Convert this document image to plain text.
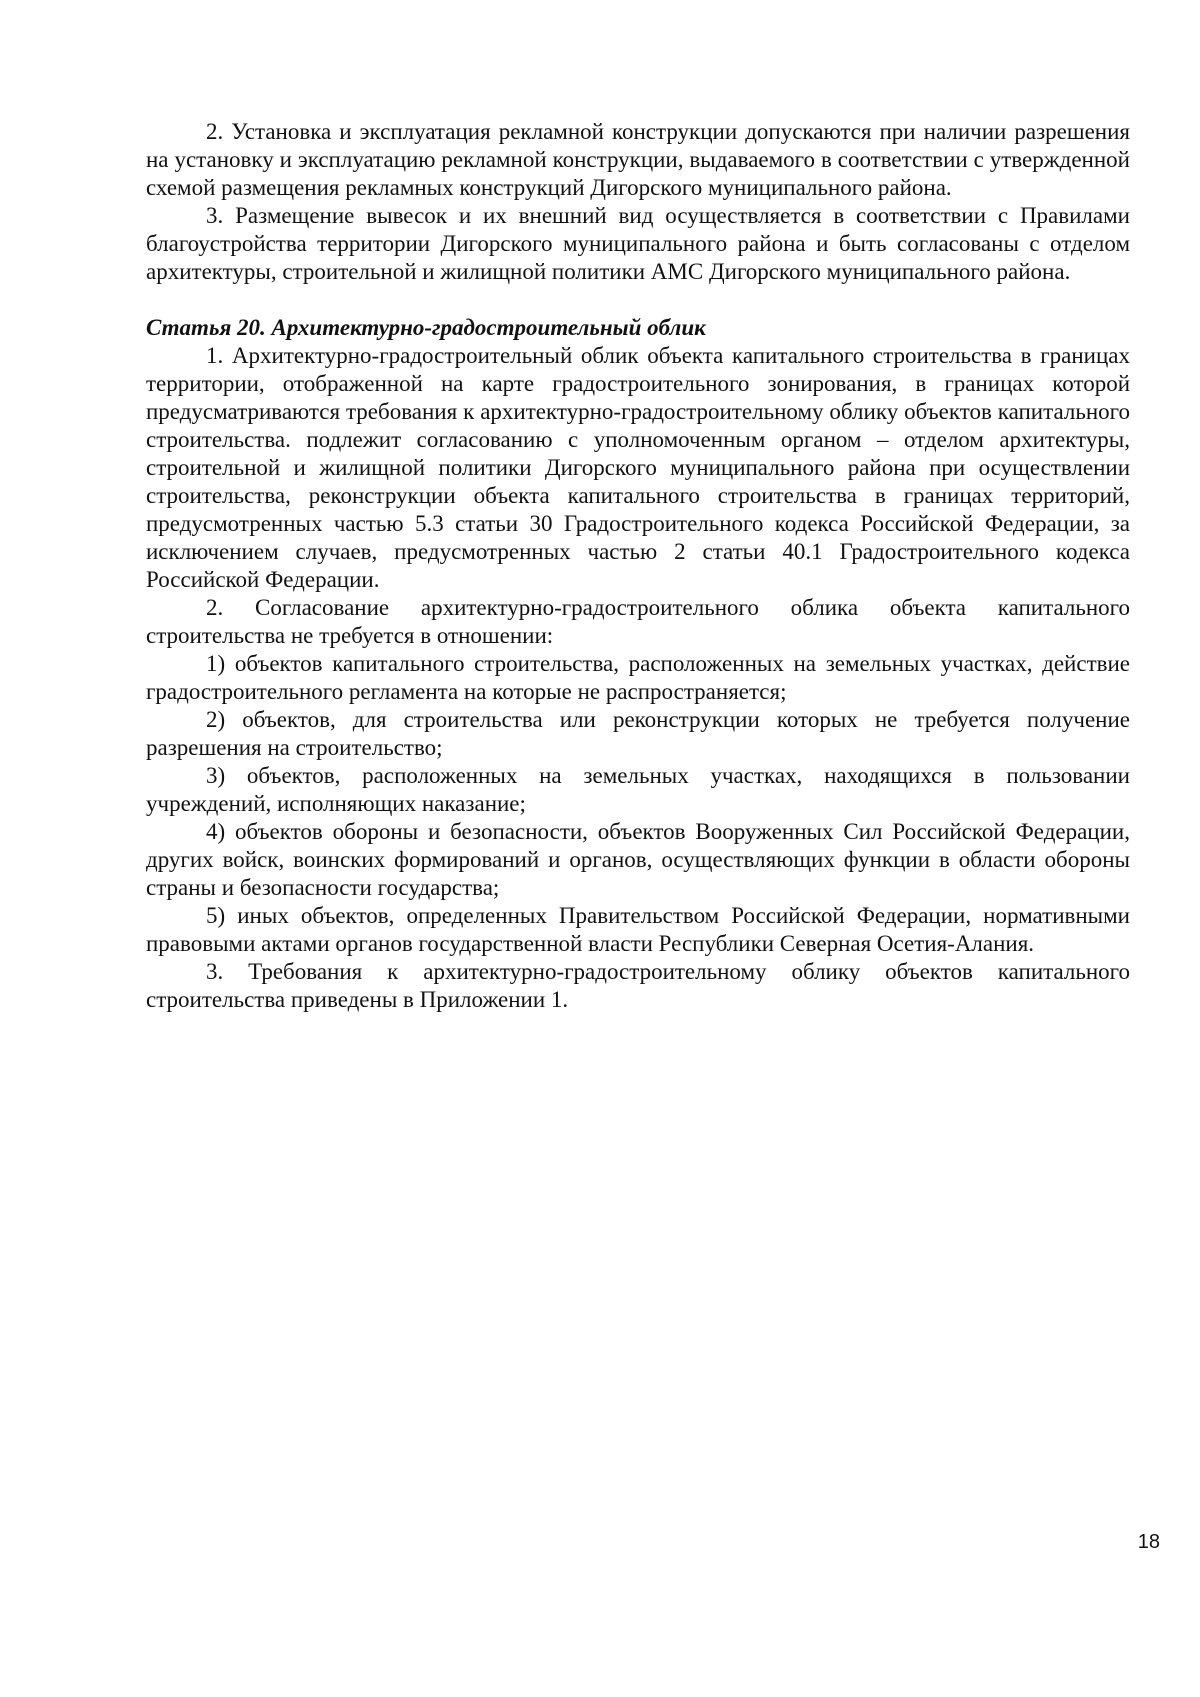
2. Установка и эксплуатация рекламной конструкции допускаются при наличии разрешения на установку и эксплуатацию рекламной конструкции, выдаваемого в соответствии с утвержденной схемой размещения рекламных конструкций Дигорского муниципального района.

3. Размещение вывесок и их внешний вид осуществляется в соответствии с Правилами благоустройства территории Дигорского муниципального района и быть согласованы с отделом архитектуры, строительной и жилищной политики АМС Дигорского муниципального района.

Статья 20. Архитектурно-градостроительный облик

1. Архитектурно-градостроительный облик объекта капитального строительства в границах территории, отображенной на карте градостроительного зонирования, в границах которой предусматриваются требования к архитектурно-градостроительному облику объектов капитального строительства. подлежит согласованию с уполномоченным органом – отделом архитектуры, строительной и жилищной политики Дигорского муниципального района при осуществлении строительства, реконструкции объекта капитального строительства в границах территорий, предусмотренных частью 5.3 статьи 30 Градостроительного кодекса Российской Федерации, за исключением случаев, предусмотренных частью 2 статьи 40.1 Градостроительного кодекса Российской Федерации.

2. Согласование архитектурно-градостроительного облика объекта капитального строительства не требуется в отношении:

1) объектов капитального строительства, расположенных на земельных участках, действие градостроительного регламента на которые не распространяется;

2) объектов, для строительства или реконструкции которых не требуется получение разрешения на строительство;

3) объектов, расположенных на земельных участках, находящихся в пользовании учреждений, исполняющих наказание;

4) объектов обороны и безопасности, объектов Вооруженных Сил Российской Федерации, других войск, воинских формирований и органов, осуществляющих функции в области обороны страны и безопасности государства;

5) иных объектов, определенных Правительством Российской Федерации, нормативными правовыми актами органов государственной власти Республики Северная Осетия-Алания.

3. Требования к архитектурно-градостроительному облику объектов капитального строительства приведены в Приложении 1.

18
